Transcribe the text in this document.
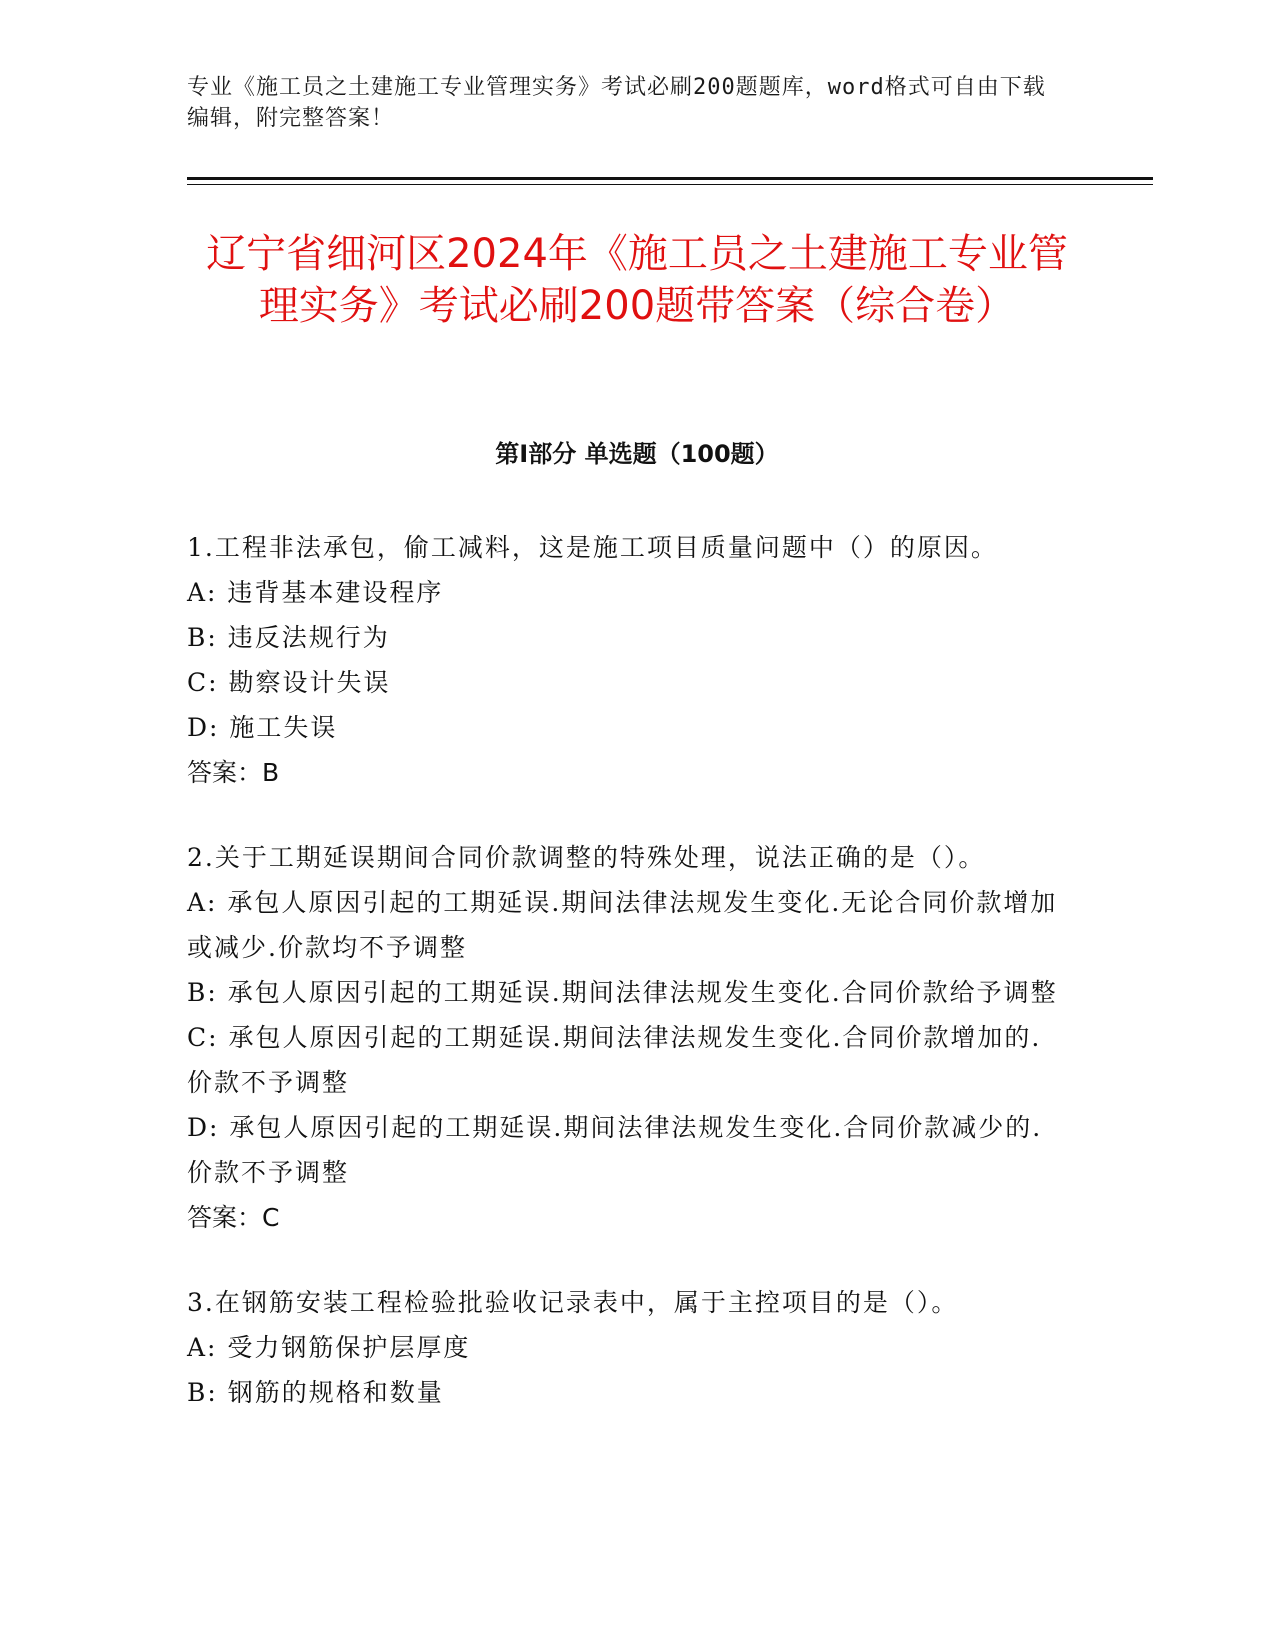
专业《施工员之土建施工专业管理实务》考试必刷200题题库，word格式可自由下载编辑，附完整答案！
辽宁省细河区2024年《施工员之土建施工专业管理实务》考试必刷200题带答案（综合卷）
第Ⅰ部分 单选题（100题）

1.工程非法承包，偷工减料，这是施工项目质量问题中（）的原因。

A: 违背基本建设程序

B: 违反法规行为

C: 勘察设计失误

D: 施工失误

答案：B

2.关于工期延误期间合同价款调整的特殊处理，说法正确的是（）。

A: 承包人原因引起的工期延误.期间法律法规发生变化.无论合同价款增加或减少.价款均不予调整

B: 承包人原因引起的工期延误.期间法律法规发生变化.合同价款给予调整

C: 承包人原因引起的工期延误.期间法律法规发生变化.合同价款增加的.价款不予调整

D: 承包人原因引起的工期延误.期间法律法规发生变化.合同价款减少的.价款不予调整

答案：C

3.在钢筋安装工程检验批验收记录表中，属于主控项目的是（）。

A: 受力钢筋保护层厚度

B: 钢筋的规格和数量
